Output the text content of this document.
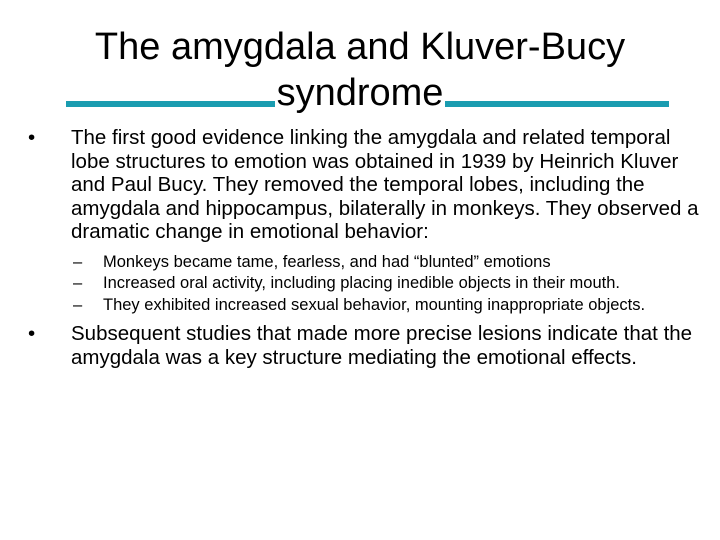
The amygdala and Kluver-Bucy
syndrome
•	The first good evidence linking the amygdala and related temporal lobe structures to emotion was obtained in 1939 by Heinrich Kluver and Paul Bucy. They removed the temporal lobes, including the amygdala and hippocampus, bilaterally in monkeys. They observed a dramatic change in emotional behavior:
– Monkeys became tame, fearless, and had “blunted” emotions
– Increased oral activity, including placing inedible objects in their mouth.
– They exhibited increased sexual behavior, mounting inappropriate objects.
•	Subsequent studies that made more precise lesions indicate that the amygdala was a key structure mediating the emotional effects.
